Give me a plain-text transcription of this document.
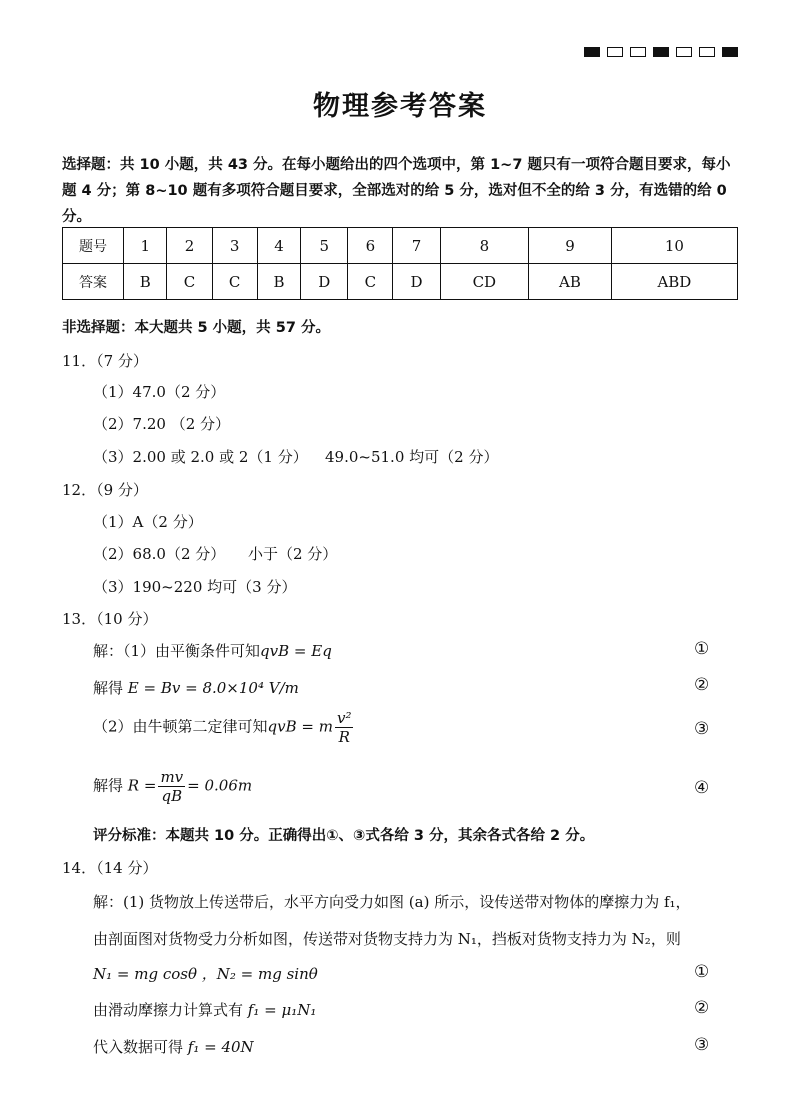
物理参考答案
选择题：共 10 小题，共 43 分。在每小题给出的四个选项中，第 1~7 题只有一项符合题目要求，每小题 4 分；第 8~10 题有多项符合题目要求，全部选对的给 5 分，选对但不全的给 3 分，有选错的给 0 分。
题号	1	2	3	4	5	6	7	8	9	10
答案	B	C	C	B	D	C	D	CD	AB	ABD
非选择题：本大题共 5 小题，共 57 分。
11．（7 分）
（1）47.0（2 分）
（2）7.20 （2 分）
（3）2.00 或 2.0 或 2（1 分） 49.0~51.0 均可（2 分）
12．（9 分）
（1）A（2 分）
（2）68.0（2 分） 小于（2 分）
（3）190~220 均可（3 分）
13．（10 分）
解：（1）由平衡条件可知qvB = Eq	①
解得 E = Bv = 8.0×10⁴ V/m	②
（2）由牛顿第二定律可知qvB = m $\frac{\text{v²}}{R}$	③
解得 $R = \frac{mv}{qB} = 0.06m$	④
评分标准：本题共 10 分。正确得出①、③式各给 3 分，其余各式各给 2 分。
14．（14 分）
解：(1) 货物放上传送带后，水平方向受力如图 (a) 所示，设传送带对物体的摩擦力为 f₁，
由剖面图对货物受力分析如图，传送带对货物支持力为 N₁，挡板对货物支持力为 N₂，则
N₁ = mg cosθ ，N₂ = mg sinθ	①
由滑动摩擦力计算式有 f₁ = μ₁N₁	②
代入数据可得 f₁ = 40N	③
